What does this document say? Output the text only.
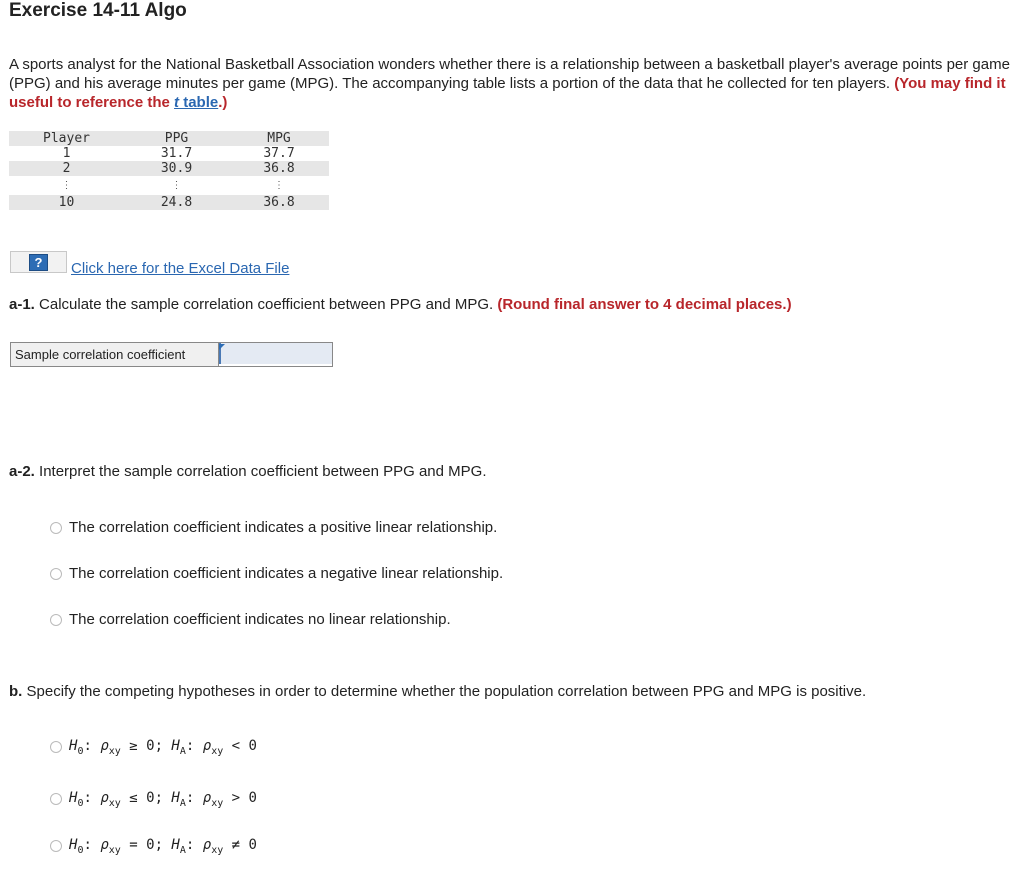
Exercise 14-11 Algo
A sports analyst for the National Basketball Association wonders whether there is a relationship between a basketball player's average points per game (PPG) and his average minutes per game (MPG). The accompanying table lists a portion of the data that he collected for ten players. (You may find it useful to reference the t table.)
Player	PPG	MPG
1	31.7	37.7
2	30.9	36.8
⋮	⋮	⋮
10	24.8	36.8
?	Click here for the Excel Data File
a-1. Calculate the sample correlation coefficient between PPG and MPG. (Round final answer to 4 decimal places.)
Sample correlation coefficient
a-2. Interpret the sample correlation coefficient between PPG and MPG.
The correlation coefficient indicates a positive linear relationship.
The correlation coefficient indicates a negative linear relationship.
The correlation coefficient indicates no linear relationship.
b. Specify the competing hypotheses in order to determine whether the population correlation between PPG and MPG is positive.
$H_0$: $\rho_{xy} \ge 0$; $H_A$: $\rho_{xy} < 0$
$H_0$: $\rho_{xy} \le 0$; $H_A$: $\rho_{xy} > 0$
$H_0$: $\rho_{xy} = 0$; $H_A$: $\rho_{xy} \ne 0$
